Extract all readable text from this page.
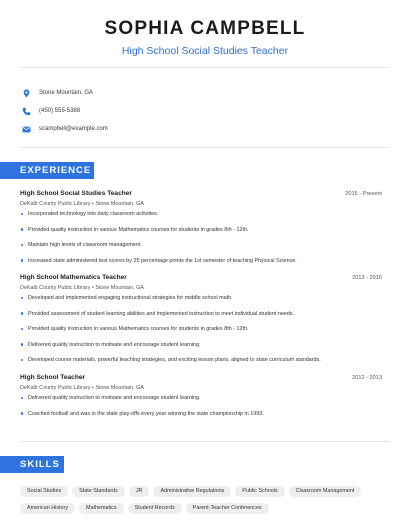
SOPHIA CAMPBELL
High School Social Studies Teacher
Stone Mountain, GA
(450) 555-5388
scampbell@example.com
EXPERIENCE
High School Social Studies Teacher	2015 - Present
DeKalb County Public Library • Stone Mountain, GA
Incorporated technology into daily classroom activities.
Provided quality instruction in various Mathematics courses for students in grades 8th - 12th.
Maintain high levels of classroom management.
Increased state administered test scores by 25 percentage points the 1st semester of teaching Physical Science.
High School Mathematics Teacher	2013 - 2015
DeKalb County Public Library • Stone Mountain, GA
Developed and implemented engaging instructional strategies for middle school math.
Provided assessment of student learning abilities and implemented instruction to meet individual student needs.
Provided quality instruction in various Mathematics courses for students in grades 8th - 12th.
Delivered quality instruction to motivate and encourage student learning.
Developed course materials, powerful teaching strategies, and exciting lesson plans, aligned to state curriculum standards.
High School Teacher	2012 - 2013
DeKalb County Public Library • Stone Mountain, GA
Delivered quality instruction to motivate and encourage student learning.
Coached football and was in the state play-offs every year winning the state championship in 1993.
SKILLS
Social Studies	State Standards	JR	Administrative Regulations	Public Schools	Classroom Management
American History	Mathematics	Student Records	Parent-Teacher Conferences
